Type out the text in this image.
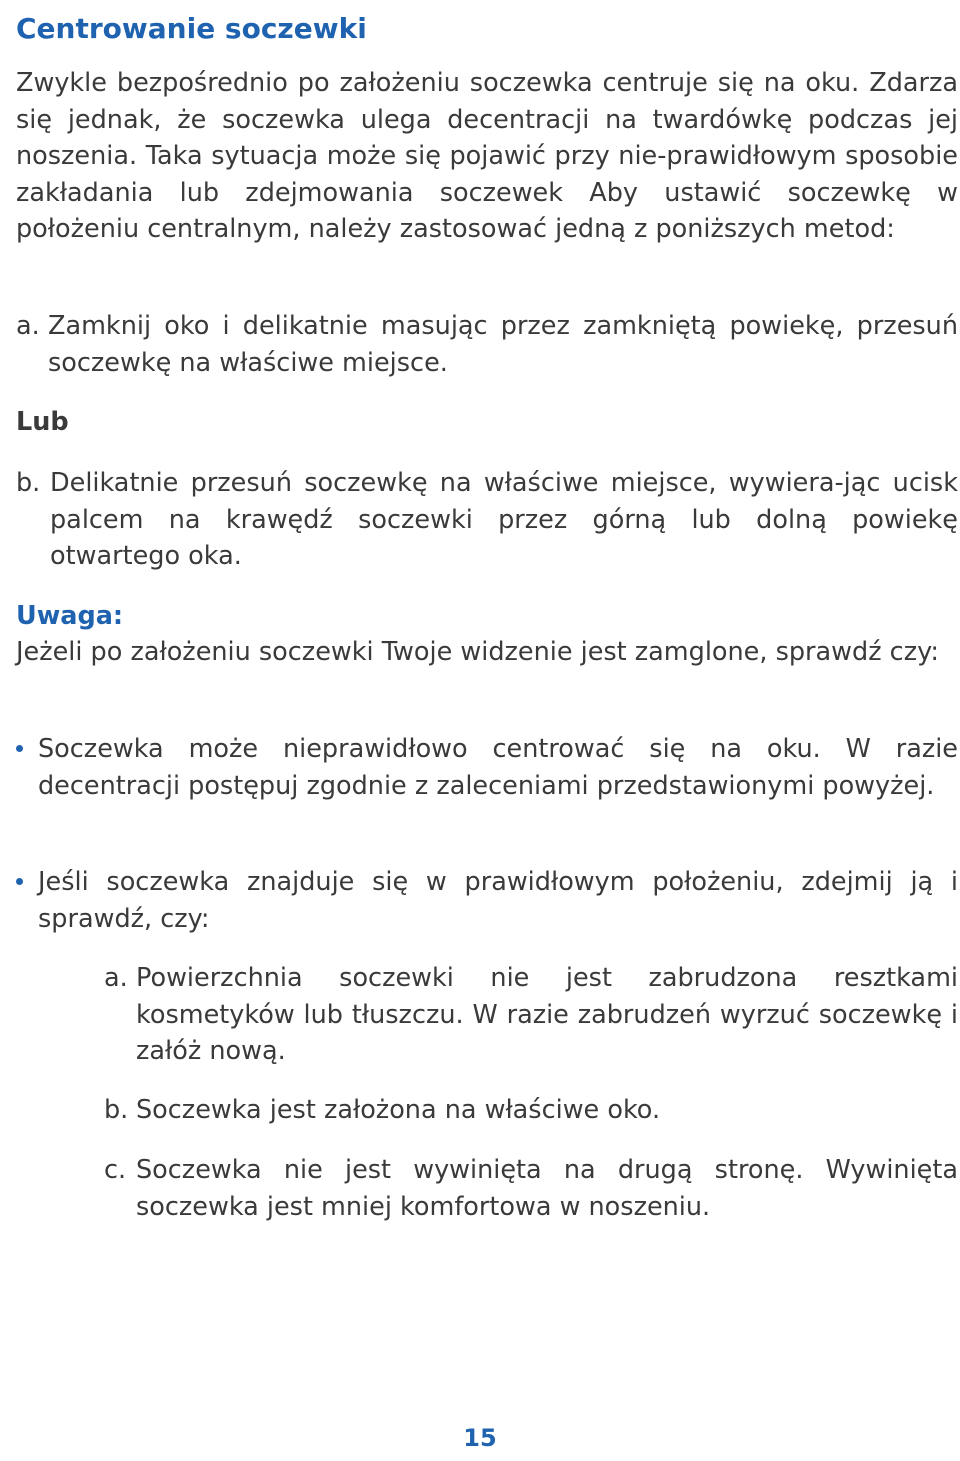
Centrowanie soczewki

Zwykle bezpośrednio po założeniu soczewka centruje się na oku. Zdarza się jednak, że soczewka ulega decentracji na twardówkę podczas jej noszenia. Taka sytuacja może się pojawić przy nie-prawidłowym sposobie zakładania lub zdejmowania soczewek Aby ustawić soczewkę w położeniu centralnym, należy zastosować jedną z poniższych metod:

a. Zamknij oko i delikatnie masując przez zamkniętą powiekę, przesuń soczewkę na właściwe miejsce.

Lub

b. Delikatnie przesuń soczewkę na właściwe miejsce, wywiera-jąc ucisk palcem na krawędź soczewki przez górną lub dolną powiekę otwartego oka.

Uwaga:

Jeżeli po założeniu soczewki Twoje widzenie jest zamglone, sprawdź czy:

Soczewka może nieprawidłowo centrować się na oku. W razie decentracji postępuj zgodnie z zaleceniami przedstawionymi powyżej.

Jeśli soczewka znajduje się w prawidłowym położeniu, zdejmij ją i sprawdź, czy:

a. Powierzchnia soczewki nie jest zabrudzona resztkami kosmetyków lub tłuszczu. W razie zabrudzeń wyrzuć soczewkę i załóż nową.

b. Soczewka jest założona na właściwe oko.

c. Soczewka nie jest wywinięta na drugą stronę. Wywinięta soczewka jest mniej komfortowa w noszeniu.

15
